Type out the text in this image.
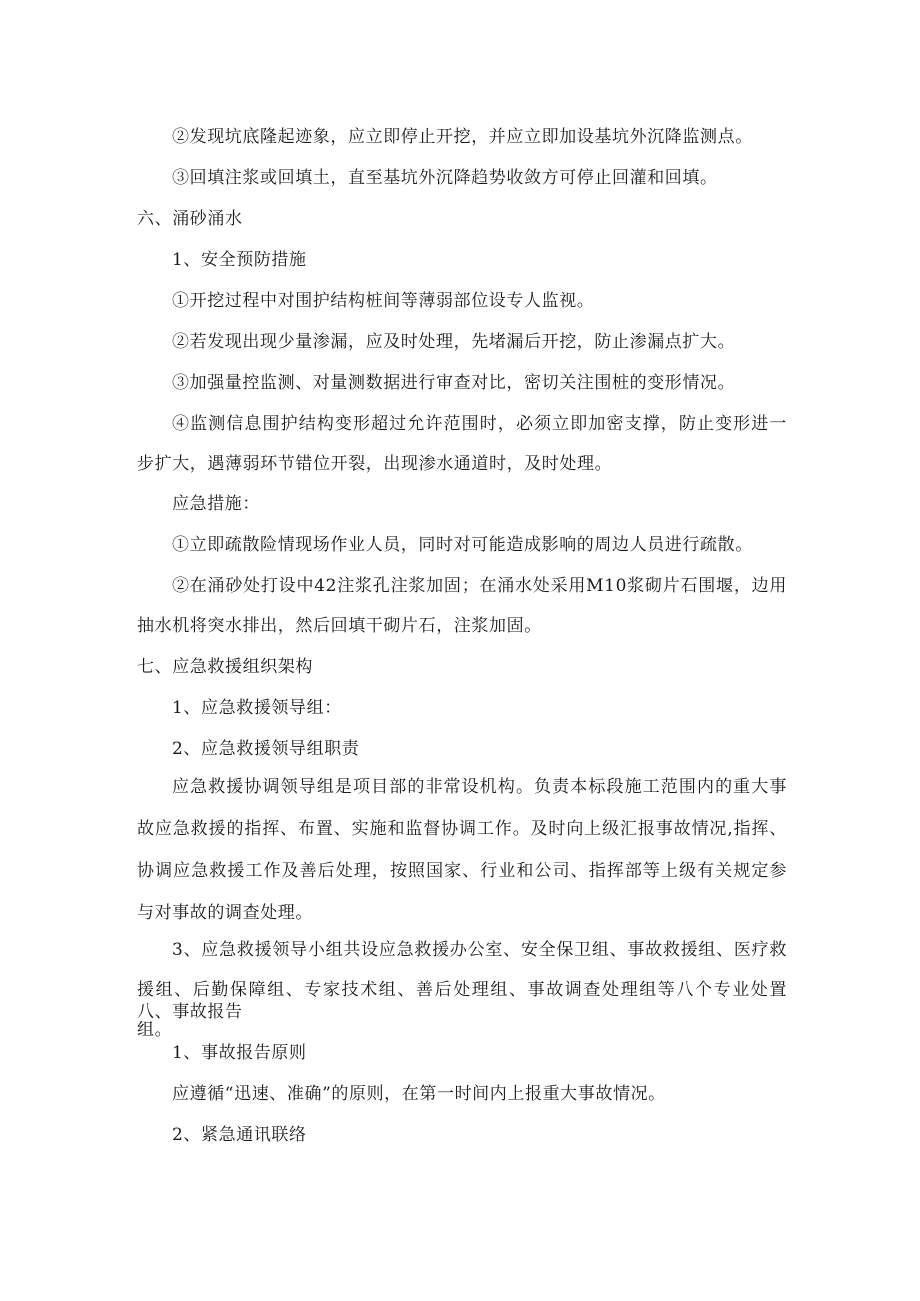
②发现坑底隆起迹象，应立即停止开挖，并应立即加设基坑外沉降监测点。
③回填注浆或回填土，直至基坑外沉降趋势收敛方可停止回灌和回填。
六、涌砂涌水
1、安全预防措施
①开挖过程中对围护结构桩间等薄弱部位设专人监视。
②若发现出现少量渗漏，应及时处理，先堵漏后开挖，防止渗漏点扩大。
③加强量控监测、对量测数据进行审查对比，密切关注围桩的变形情况。
④监测信息围护结构变形超过允许范围时，必须立即加密支撑，防止变形进一步扩大，遇薄弱环节错位开裂，出现渗水通道时，及时处理。
应急措施：
①立即疏散险情现场作业人员，同时对可能造成影响的周边人员进行疏散。
②在涌砂处打设中42注浆孔注浆加固；在涌水处采用M10浆砌片石围堰，边用抽水机将突水排出，然后回填干砌片石，注浆加固。
七、应急救援组织架构
1、应急救援领导组：
2、应急救援领导组职责
应急救援协调领导组是项目部的非常设机构。负责本标段施工范围内的重大事故应急救援的指挥、布置、实施和监督协调工作。及时向上级汇报事故情况,指挥、协调应急救援工作及善后处理，按照国家、行业和公司、指挥部等上级有关规定参与对事故的调查处理。
3、应急救援领导小组共设应急救援办公室、安全保卫组、事故救援组、医疗救援组、后勤保障组、专家技术组、善后处理组、事故调查处理组等八个专业处置组。
八、事故报告
1、事故报告原则
应遵循“迅速、准确”的原则，在第一时间内上报重大事故情况。
2、紧急通讯联络
